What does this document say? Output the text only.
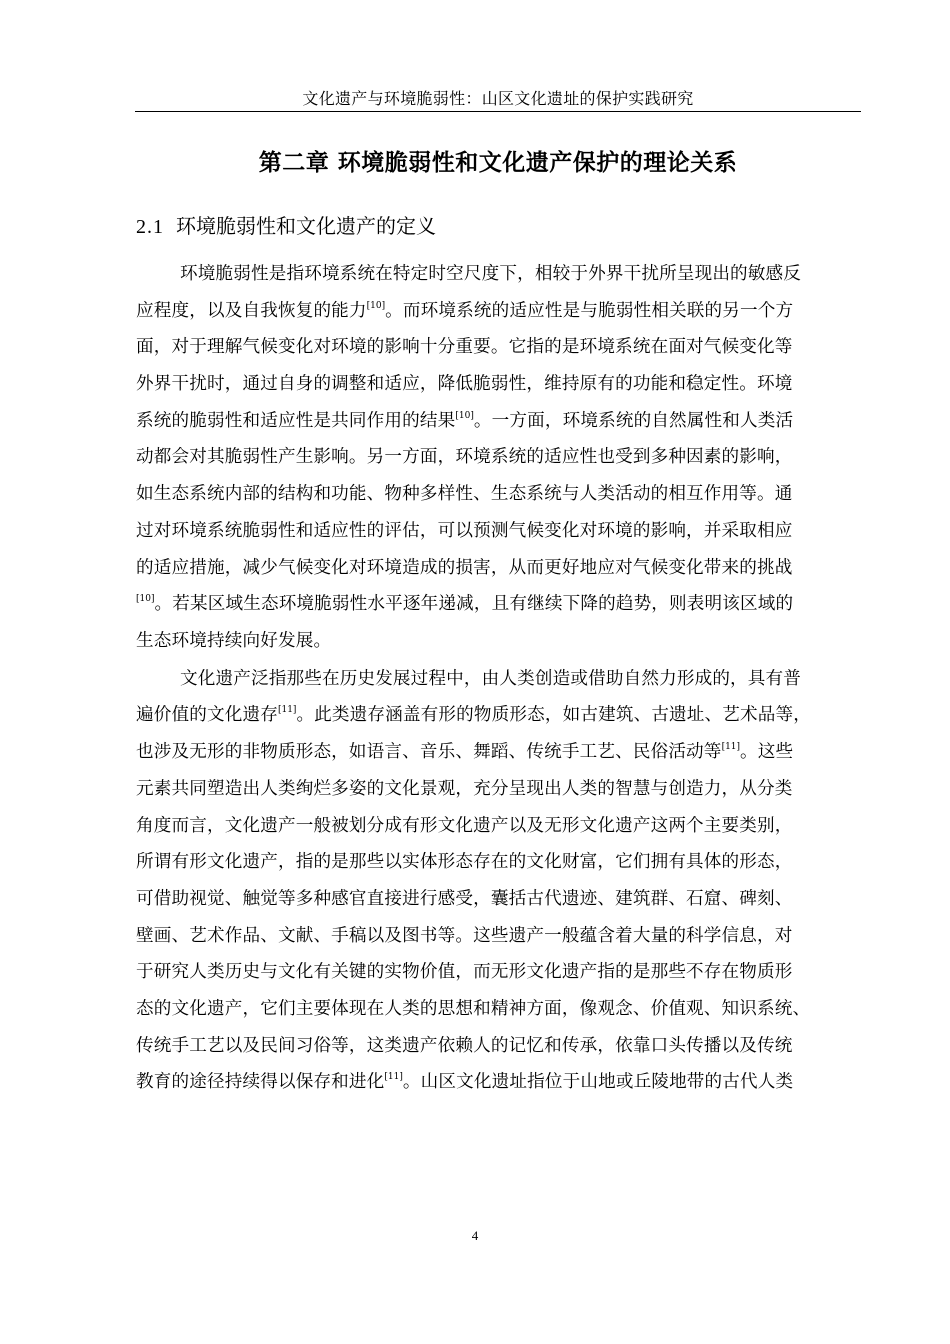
文化遗产与环境脆弱性：山区文化遗址的保护实践研究
第二章 环境脆弱性和文化遗产保护的理论关系
2.1 环境脆弱性和文化遗产的定义
环境脆弱性是指环境系统在特定时空尺度下，相较于外界干扰所呈现出的敏感反
应程度，以及自我恢复的能力[10]。而环境系统的适应性是与脆弱性相关联的另一个方
面，对于理解气候变化对环境的影响十分重要。它指的是环境系统在面对气候变化等
外界干扰时，通过自身的调整和适应，降低脆弱性，维持原有的功能和稳定性。环境
系统的脆弱性和适应性是共同作用的结果[10]。一方面，环境系统的自然属性和人类活
动都会对其脆弱性产生影响。另一方面，环境系统的适应性也受到多种因素的影响，
如生态系统内部的结构和功能、物种多样性、生态系统与人类活动的相互作用等。通
过对环境系统脆弱性和适应性的评估，可以预测气候变化对环境的影响，并采取相应
的适应措施，减少气候变化对环境造成的损害，从而更好地应对气候变化带来的挑战
[10]。若某区域生态环境脆弱性水平逐年递减，且有继续下降的趋势，则表明该区域的
生态环境持续向好发展。
文化遗产泛指那些在历史发展过程中，由人类创造或借助自然力形成的，具有普
遍价值的文化遗存[11]。此类遗存涵盖有形的物质形态，如古建筑、古遗址、艺术品等，
也涉及无形的非物质形态，如语言、音乐、舞蹈、传统手工艺、民俗活动等[11]。这些
元素共同塑造出人类绚烂多姿的文化景观，充分呈现出人类的智慧与创造力，从分类
角度而言，文化遗产一般被划分成有形文化遗产以及无形文化遗产这两个主要类别，
所谓有形文化遗产，指的是那些以实体形态存在的文化财富，它们拥有具体的形态，
可借助视觉、触觉等多种感官直接进行感受，囊括古代遗迹、建筑群、石窟、碑刻、
壁画、艺术作品、文献、手稿以及图书等。这些遗产一般蕴含着大量的科学信息，对
于研究人类历史与文化有关键的实物价值，而无形文化遗产指的是那些不存在物质形
态的文化遗产，它们主要体现在人类的思想和精神方面，像观念、价值观、知识系统、
传统手工艺以及民间习俗等，这类遗产依赖人的记忆和传承，依靠口头传播以及传统
教育的途径持续得以保存和进化[11]。山区文化遗址指位于山地或丘陵地带的古代人类
4
